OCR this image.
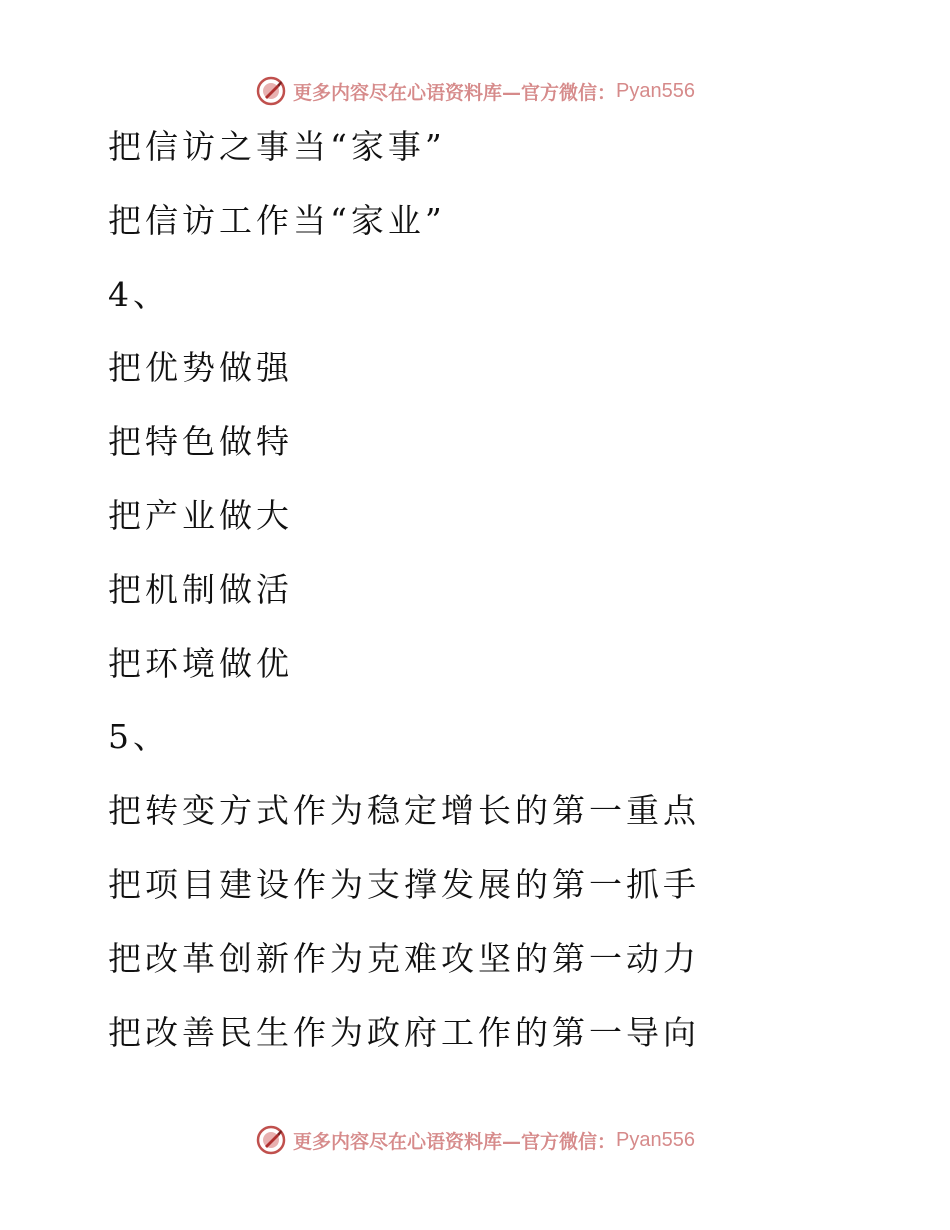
更多内容尽在心语资料库—官方微信： Pyan556
把信访之事当“家事”
把信访工作当“家业”
4、
把优势做强
把特色做特
把产业做大
把机制做活
把环境做优
5、
把转变方式作为稳定增长的第一重点
把项目建设作为支撑发展的第一抓手
把改革创新作为克难攻坚的第一动力
把改善民生作为政府工作的第一导向
更多内容尽在心语资料库—官方微信： Pyan556
